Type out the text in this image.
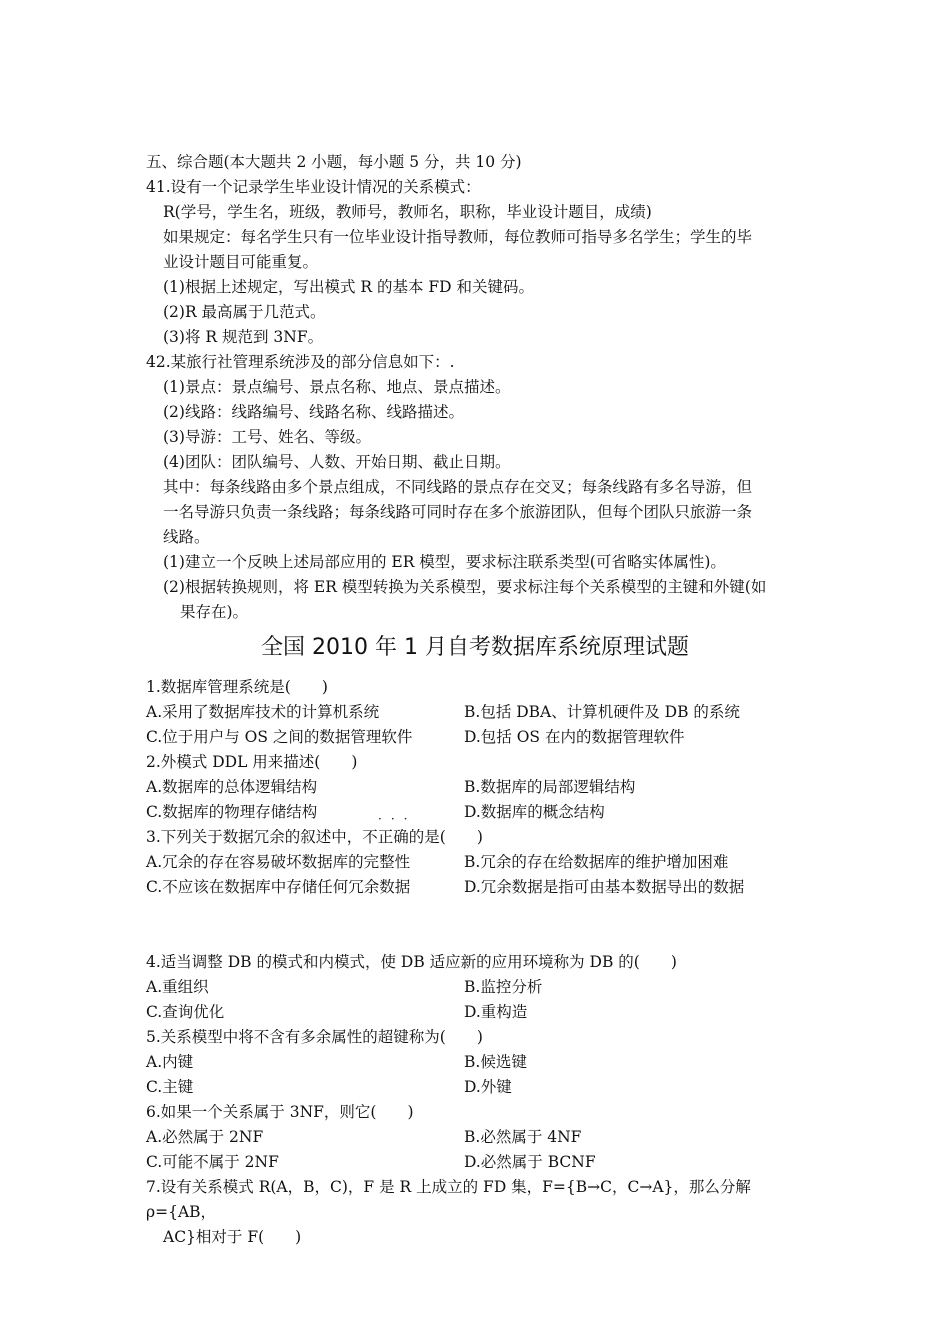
五、综合题(本大题共 2 小题，每小题 5 分，共 10 分)
41.设有一个记录学生毕业设计情况的关系模式：
R(学号，学生名，班级，教师号，教师名，职称，毕业设计题目，成绩)
如果规定：每名学生只有一位毕业设计指导教师，每位教师可指导多名学生；学生的毕
业设计题目可能重复。
(1)根据上述规定，写出模式 R 的基本 FD 和关键码。
(2)R 最高属于几范式。
(3)将 R 规范到 3NF。
42.某旅行社管理系统涉及的部分信息如下：.
(1)景点：景点编号、景点名称、地点、景点描述。
(2)线路：线路编号、线路名称、线路描述。
(3)导游：工号、姓名、等级。
(4)团队：团队编号、人数、开始日期、截止日期。
其中：每条线路由多个景点组成，不同线路的景点存在交叉；每条线路有多名导游，但
一名导游只负责一条线路；每条线路可同时存在多个旅游团队，但每个团队只旅游一条
线路。
(1)建立一个反映上述局部应用的 ER 模型，要求标注联系类型(可省略实体属性)。
(2)根据转换规则，将 ER 模型转换为关系模型，要求标注每个关系模型的主键和外键(如
果存在)。
全国 2010 年 1 月自考数据库系统原理试题
1.数据库管理系统是(　　)
A.采用了数据库技术的计算机系统	B.包括 DBA、计算机硬件及 DB 的系统
C.位于用户与 OS 之间的数据管理软件	D.包括 OS 在内的数据管理软件
2.外模式 DDL 用来描述(　　)
A.数据库的总体逻辑结构	B.数据库的局部逻辑结构
C.数据库的物理存储结构	D.数据库的概念结构
···
3.下列关于数据冗余的叙述中，不正确的是(　　)
A.冗余的存在容易破坏数据库的完整性	B.冗余的存在给数据库的维护增加困难
C.不应该在数据库中存储任何冗余数据	D.冗余数据是指可由基本数据导出的数据
4.适当调整 DB 的模式和内模式，使 DB 适应新的应用环境称为 DB 的(　　)
A.重组织	B.监控分析
C.查询优化	D.重构造
5.关系模型中将不含有多余属性的超键称为(　　)
A.内键	B.候选键
C.主键	D.外键
6.如果一个关系属于 3NF，则它(　　)
A.必然属于 2NF	B.必然属于 4NF
C.可能不属于 2NF	D.必然属于 BCNF
7.设有关系模式 R(A，B，C)，F 是 R 上成立的 FD 集，F={B→C，C→A}，那么分解
ρ={AB，
AC}相对于 F(　　)
